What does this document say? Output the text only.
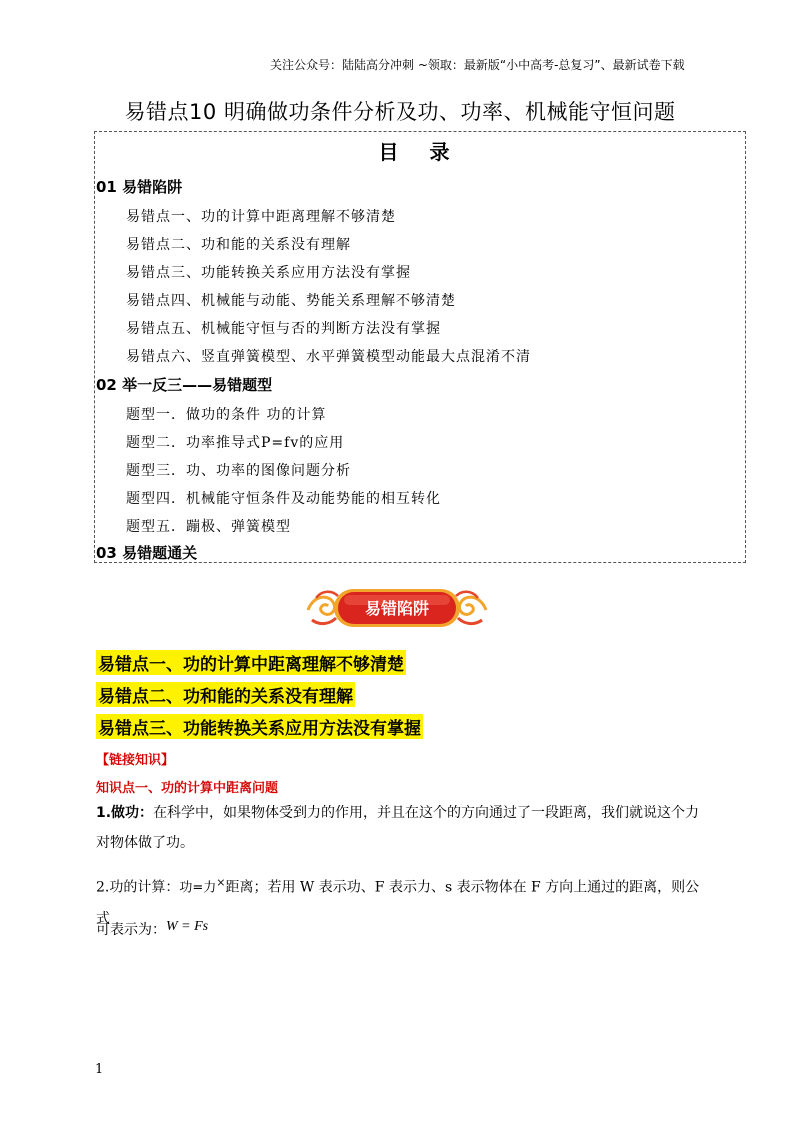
关注公众号：陆陆高分冲刺 ~领取：最新版“小中高考-总复习”、最新试卷下载
易错点10 明确做功条件分析及功、功率、机械能守恒问题
目 录
01 易错陷阱
易错点一、功的计算中距离理解不够清楚
易错点二、功和能的关系没有理解
易错点三、功能转换关系应用方法没有掌握
易错点四、机械能与动能、势能关系理解不够清楚
易错点五、机械能守恒与否的判断方法没有掌握
易错点六、竖直弹簧模型、水平弹簧模型动能最大点混淆不清
02 举一反三——易错题型
题型一．做功的条件 功的计算
题型二．功率推导式P=fv的应用
题型三．功、功率的图像问题分析
题型四．机械能守恒条件及动能势能的相互转化
题型五．蹦极、弹簧模型
03 易错题通关
易错陷阱
易错点一、功的计算中距离理解不够清楚
易错点二、功和能的关系没有理解
易错点三、功能转换关系应用方法没有掌握
【链接知识】
知识点一、功的计算中距离问题
1.做功：在科学中，如果物体受到力的作用，并且在这个的方向通过了一段距离，我们就说这个力对物体做了功。
2.功的计算：功=力×距离；若用 W 表示功、F 表示力、s 表示物体在 F 方向上通过的距离，则公式
可表示为：W = Fs
1
